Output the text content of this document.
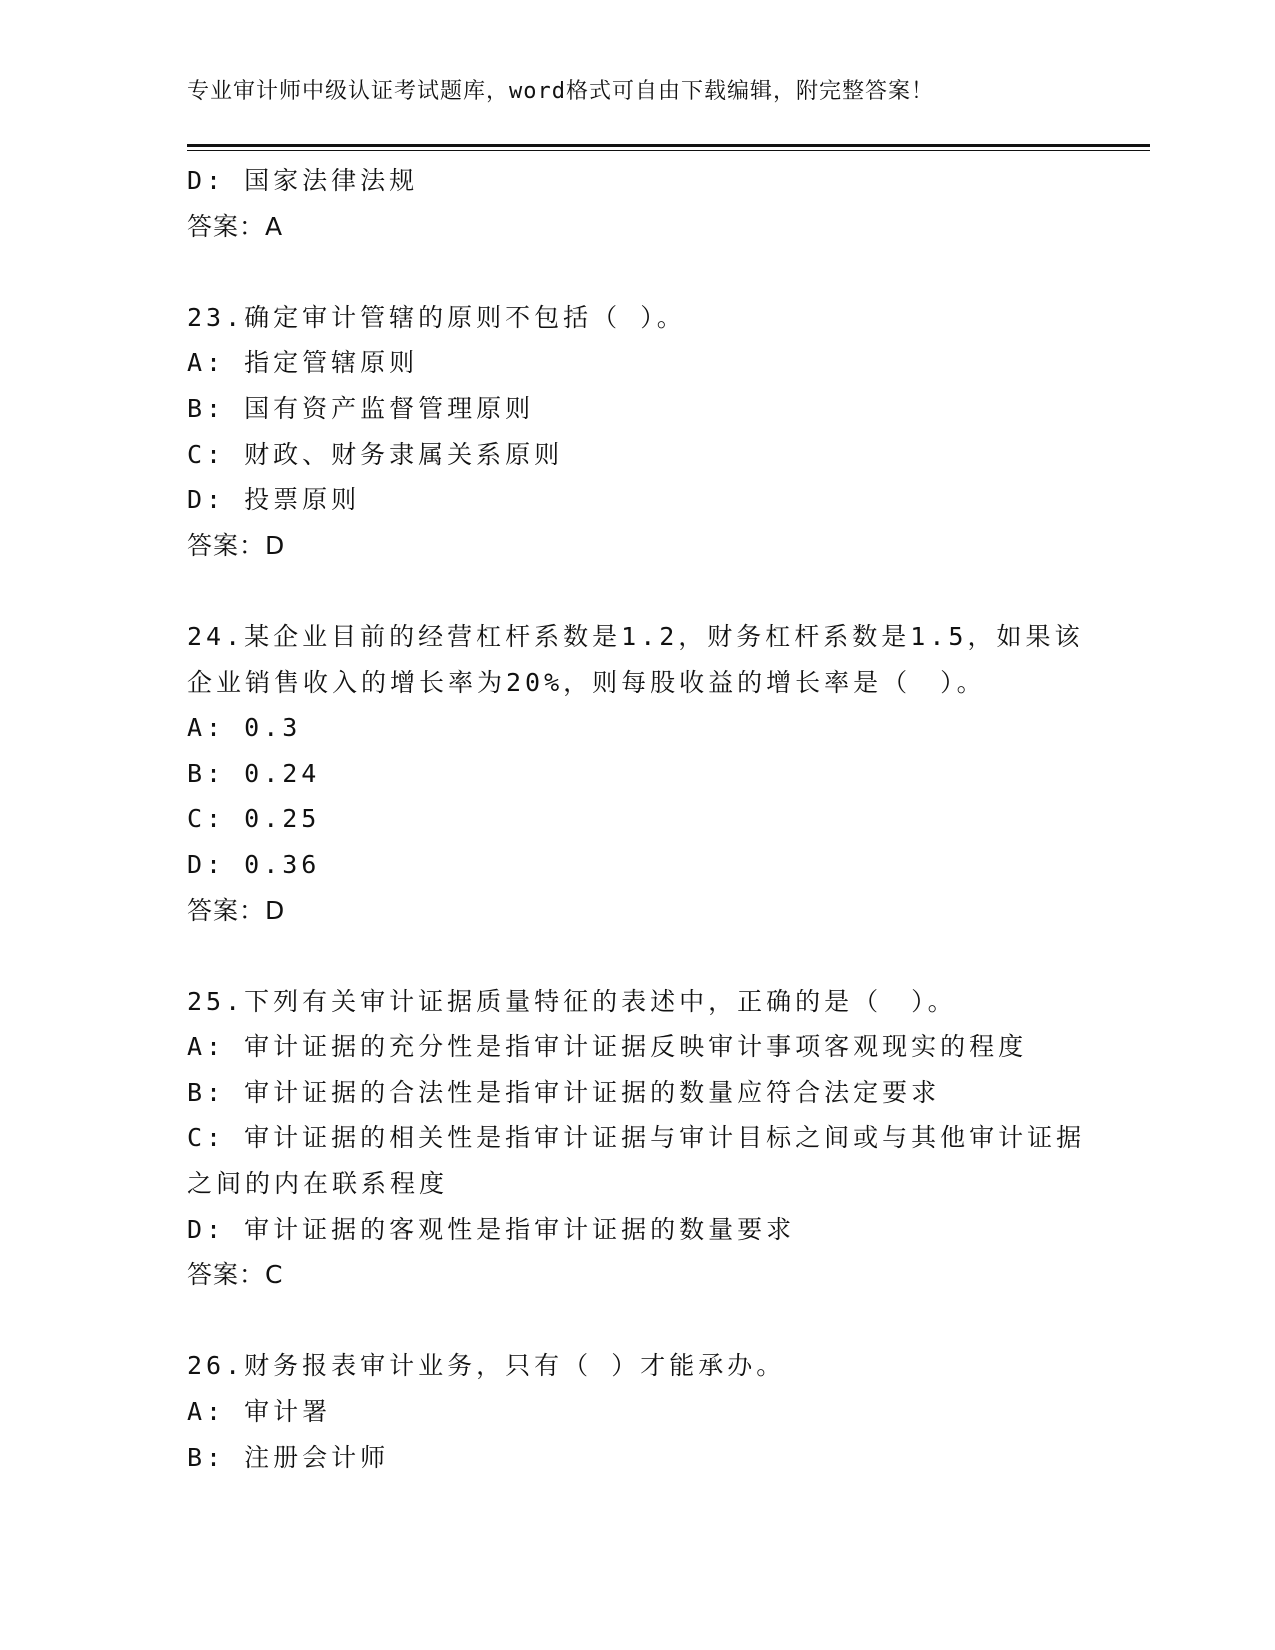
专业审计师中级认证考试题库，word格式可自由下载编辑，附完整答案！
D: 国家法律法规
答案：A
23.确定审计管辖的原则不包括（ ）。
A: 指定管辖原则
B: 国有资产监督管理原则
C: 财政、财务隶属关系原则
D: 投票原则
答案：D
24.某企业目前的经营杠杆系数是1.2，财务杠杆系数是1.5，如果该
企业销售收入的增长率为20%，则每股收益的增长率是（　）。
A: 0.3
B: 0.24
C: 0.25
D: 0.36
答案：D
25.下列有关审计证据质量特征的表述中，正确的是（　）。
A: 审计证据的充分性是指审计证据反映审计事项客观现实的程度
B: 审计证据的合法性是指审计证据的数量应符合法定要求
C: 审计证据的相关性是指审计证据与审计目标之间或与其他审计证据
之间的内在联系程度
D: 审计证据的客观性是指审计证据的数量要求
答案：C
26.财务报表审计业务，只有（ ）才能承办。
A: 审计署
B: 注册会计师
